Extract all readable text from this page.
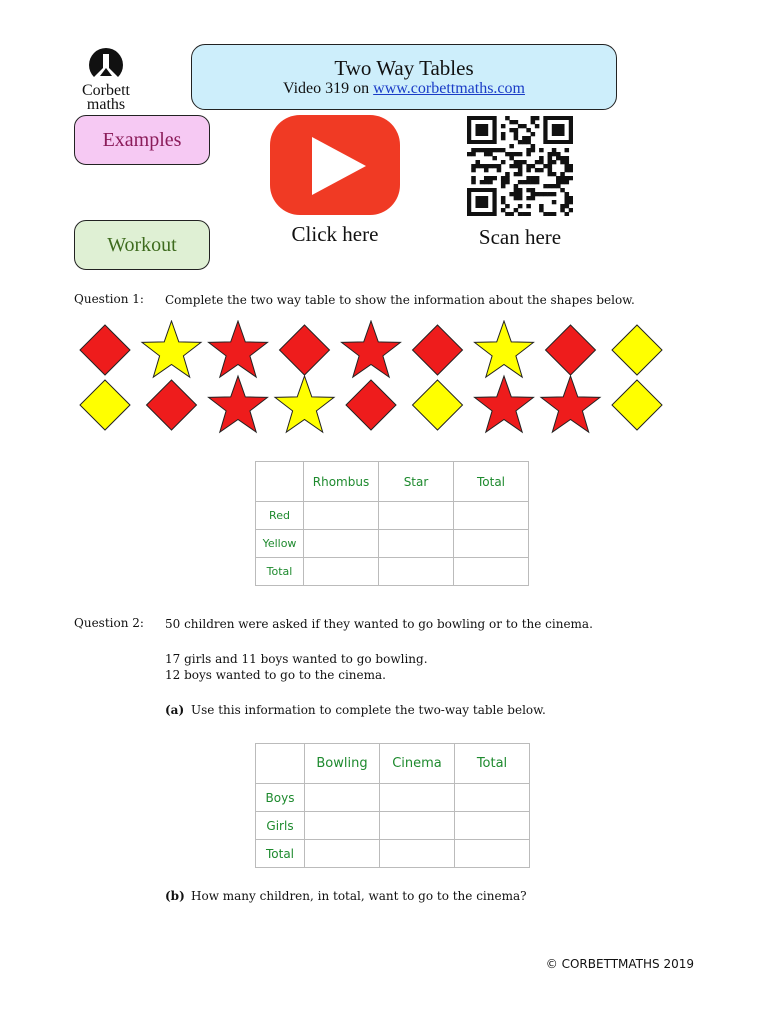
Corbett
maths
Two Way Tables
Video 319 on www.corbettmaths.com
Examples
Workout	Click here	Scan here
Question 1: Complete the two way table to show the information about the shapes below.
	Rhombus	Star	Total
Red			
Yellow			
Total			
Question 2: 50 children were asked if they wanted to go bowling or to the cinema.
17 girls and 11 boys wanted to go bowling.
12 boys wanted to go to the cinema.
(a) Use this information to complete the two-way table below.
	Bowling	Cinema	Total
Boys			
Girls			
Total			
(b) How many children, in total, want to go to the cinema?
© CORBETTMATHS 2019
